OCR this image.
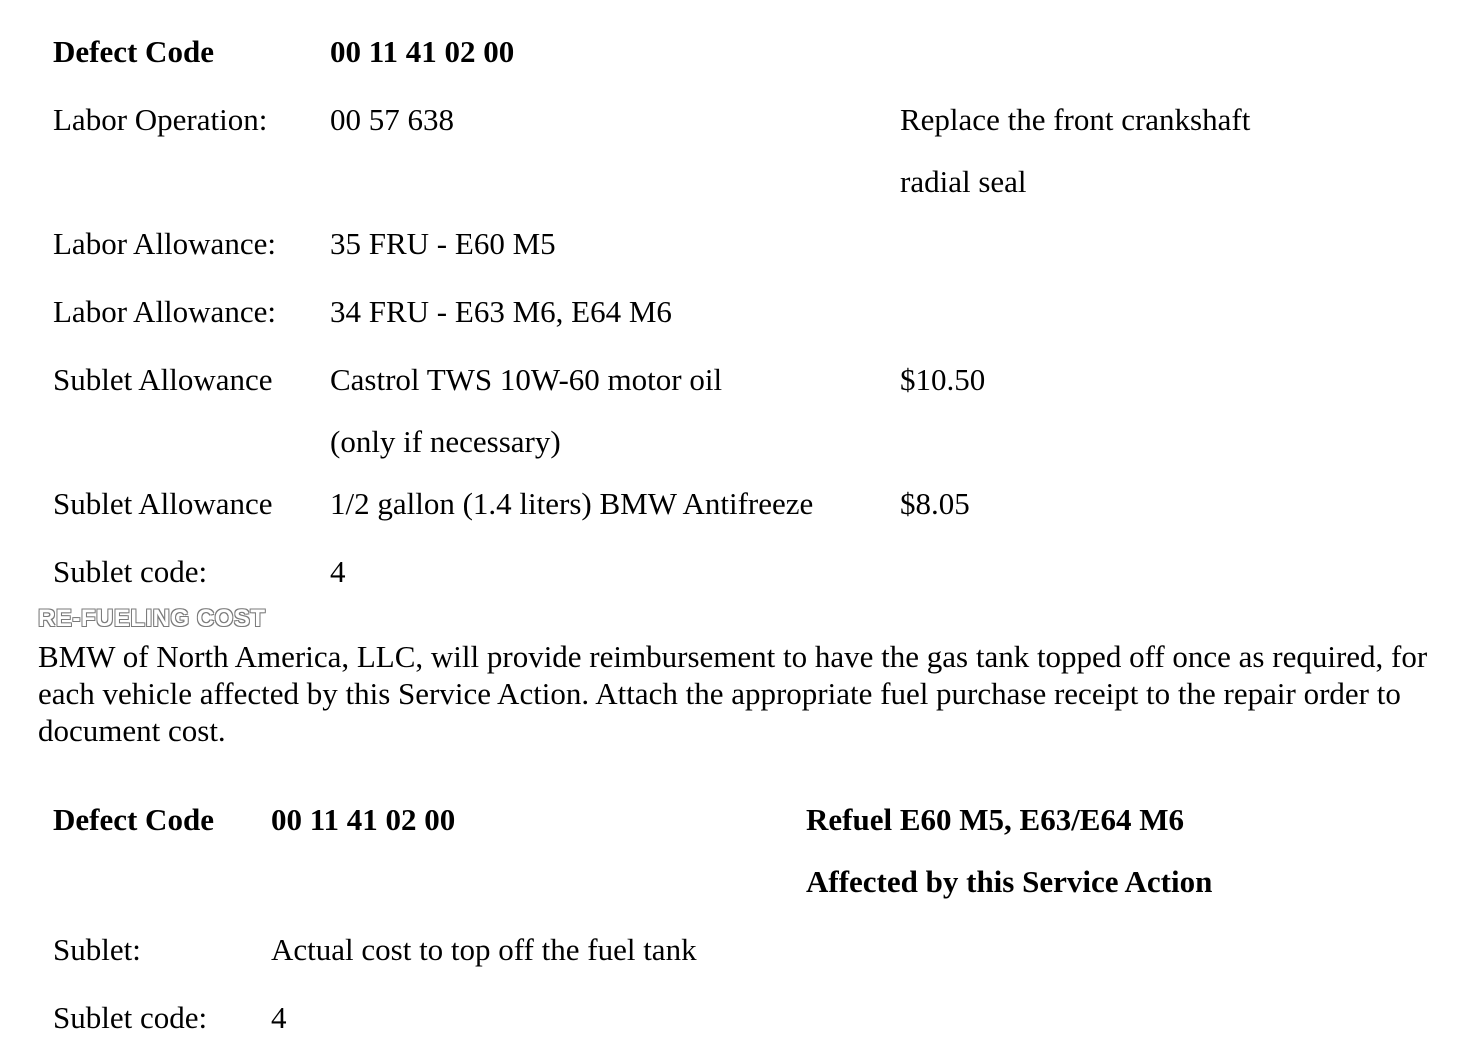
Defect Code	00 11 41 02 00
Labor Operation: 00 57 638	Replace the front crankshaft
radial seal
Labor Allowance: 35 FRU - E60 M5
Labor Allowance: 34 FRU - E63 M6, E64 M6
Sublet Allowance Castrol TWS 10W-60 motor oil	$10.50
(only if necessary)
Sublet Allowance 1/2 gallon (1.4 liters) BMW Antifreeze	$8.05
Sublet code:	4
RE-FUELING COST
BMW of North America, LLC, will provide reimbursement to have the gas tank topped off once as required, for each vehicle affected by this Service Action. Attach the appropriate fuel purchase receipt to the repair order to document cost.
Defect Code 00 11 41 02 00	Refuel E60 M5, E63/E64 M6
Affected by this Service Action
Sublet:	Actual cost to top off the fuel tank
Sublet code: 4
